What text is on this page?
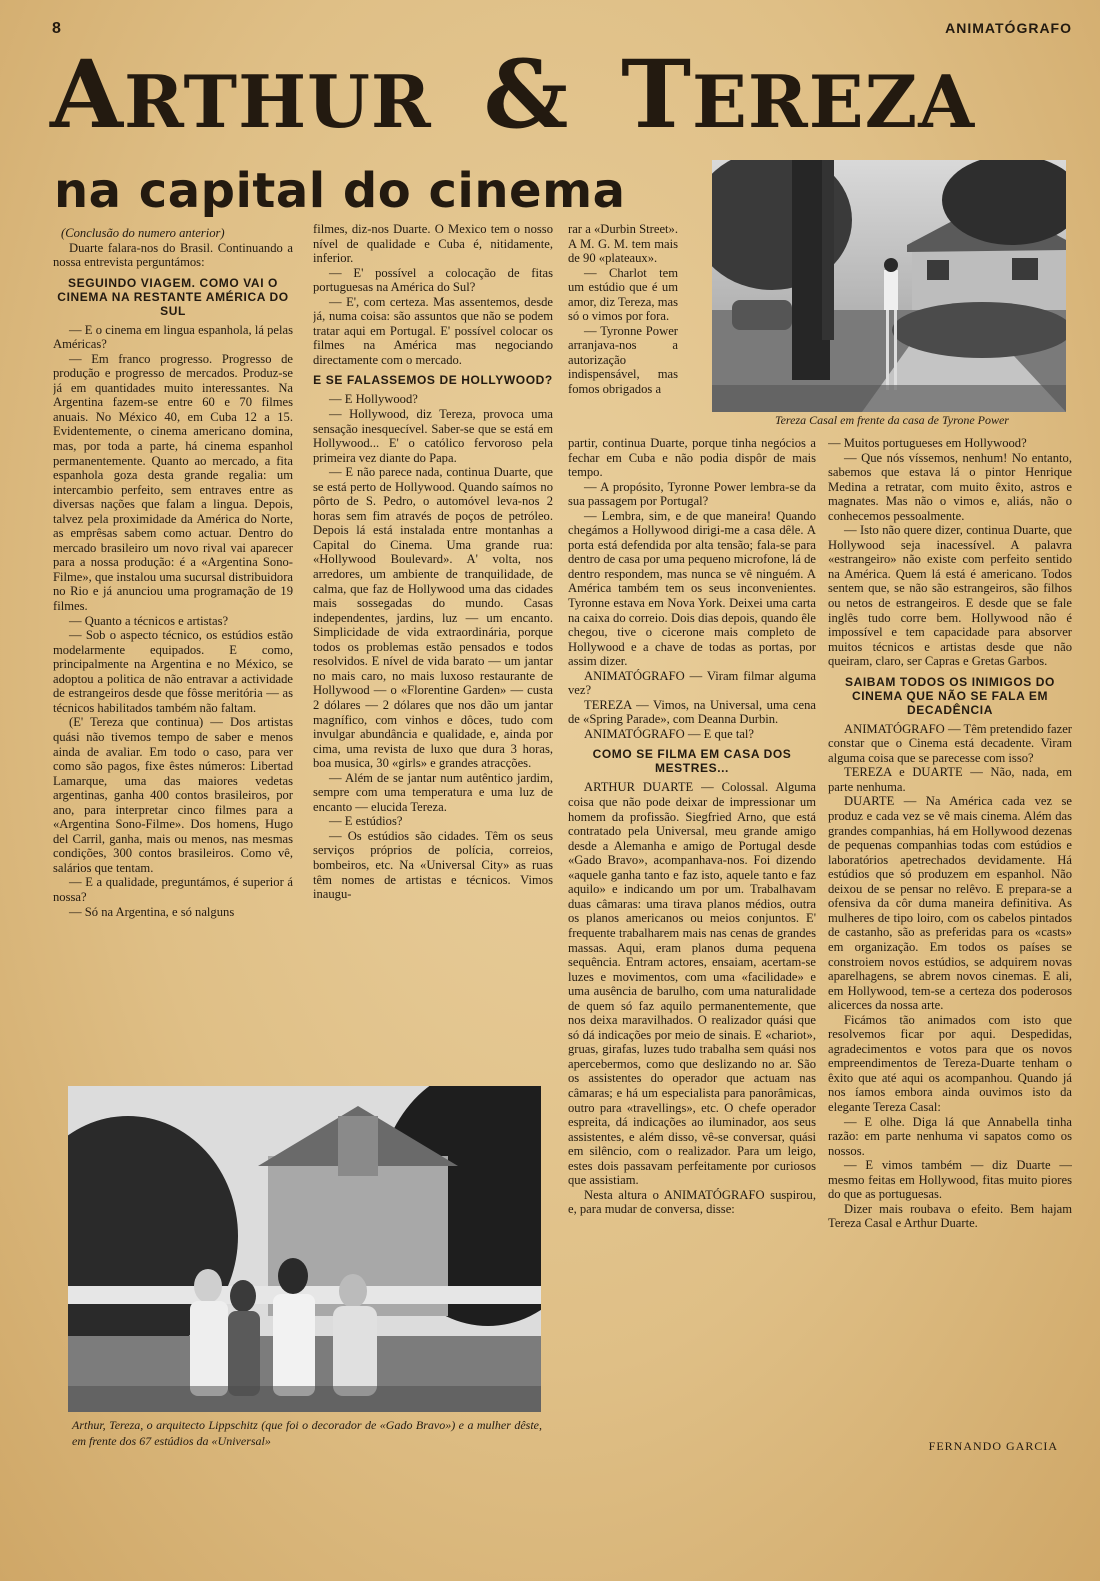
8	ANIMATÓGRAFO
ARTHUR & TEREZA
na capital do cinema

(Conclusão do numero anterior)

Duarte falara-nos do Brasil. Continuando a nossa entrevista perguntámos:

SEGUINDO VIAGEM. COMO VAI O CINEMA NA RESTANTE AMÉRICA DO SUL

— E o cinema em lingua espanhola, lá pelas Américas?

— Em franco progresso. Progresso de produção e progresso de mercados. Produz-se já em quantidades muito interessantes. Na Argentina fazem-se entre 60 e 70 filmes anuais. No México 40, em Cuba 12 a 15. Evidentemente, o cinema americano domina, mas, por toda a parte, há cinema espanhol permanentemente. Quanto ao mercado, a fita espanhola goza desta grande regalia: um intercambio perfeito, sem entraves entre as diversas nações que falam a lingua. Depois, talvez pela proximidade da América do Norte, as emprêsas sabem como actuar. Dentro do mercado brasileiro um novo rival vai aparecer para a nossa produção: é a «Argentina Sono-Filme», que instalou uma sucursal distribuidora no Rio e já anunciou uma programação de 19 filmes.

— Quanto a técnicos e artistas?

— Sob o aspecto técnico, os estúdios estão modelarmente equipados. E como, principalmente na Argentina e no México, se adoptou a politica de não entravar a actividade de estrangeiros desde que fôsse meritória — as técnicos habilitados também não faltam.

(E' Tereza que continua) — Dos artistas quási não tivemos tempo de saber e menos ainda de avaliar. Em todo o caso, para ver como são pagos, fixe êstes números: Libertad Lamarque, uma das maiores vedetas argentinas, ganha 400 contos brasileiros, por ano, para interpretar cinco filmes para a «Argentina Sono-Filme». Dos homens, Hugo del Carril, ganha, mais ou menos, nas mesmas condições, 300 contos brasileiros. Como vê, salários que tentam.

— E a qualidade, preguntámos, é superior á nossa?

— Só na Argentina, e só nalguns

filmes, diz-nos Duarte. O Mexico tem o nosso nível de qualidade e Cuba é, nitidamente, inferior.

— E' possível a colocação de fitas portuguesas na América do Sul?

— E', com certeza. Mas assentemos, desde já, numa coisa: são assuntos que não se podem tratar aqui em Portugal. E' possível colocar os filmes na América mas negociando directamente com o mercado.

E SE FALASSEMOS DE HOLLYWOOD?

— E Hollywood?

— Hollywood, diz Tereza, provoca uma sensação inesquecível. Saber-se que se está em Hollywood... E' o católico fervoroso pela primeira vez diante do Papa.

— E não parece nada, continua Duarte, que se está perto de Hollywood. Quando saímos no pôrto de S. Pedro, o automóvel leva-nos 2 horas sem fim através de poços de petróleo. Depois lá está instalada entre montanhas a Capital do Cinema. Uma grande rua: «Hollywood Boulevard». A' volta, nos arredores, um ambiente de tranquilidade, de calma, que faz de Hollywood uma das cidades mais sossegadas do mundo. Casas independentes, jardins, luz — um encanto. Simplicidade de vida extraordinária, porque todos os problemas estão pensados e todos resolvidos. E nível de vida barato — um jantar no mais caro, no mais luxoso restaurante de Hollywood — o «Florentine Garden» — custa 2 dólares — 2 dólares que nos dão um jantar magnífico, com vinhos e dôces, tudo com invulgar abundância e qualidade, e, ainda por cima, uma revista de luxo que dura 3 horas, boa musica, 30 «girls» e grandes atracções.

— Além de se jantar num autêntico jardim, sempre com uma temperatura e uma luz de encanto — elucida Tereza.

— E estúdios?

— Os estúdios são cidades. Têm os seus serviços próprios de polícia, correios, bombeiros, etc. Na «Universal City» as ruas têm nomes de artistas e técnicos. Vimos inaugu-

rar a «Durbin Street». A M. G. M. tem mais de 90 «plateaux».

— Charlot tem um estúdio que é um amor, diz Tereza, mas só o vimos por fora.

— Tyronne Power arranjava-nos a autorização indispensável, mas fomos obrigados a

partir, continua Duarte, porque tinha negócios a fechar em Cuba e não podia dispôr de mais tempo.

— A propósito, Tyronne Power lembra-se da sua passagem por Portugal?

— Lembra, sim, e de que maneira! Quando chegámos a Hollywood dirigi-me a casa dêle. A porta está defendida por alta tensão; fala-se para dentro de casa por uma pequeno microfone, lá de dentro respondem, mas nunca se vê ninguém. A América também tem os seus inconvenientes. Tyronne estava em Nova York. Deixei uma carta na caixa do correio. Dois dias depois, quando êle chegou, tive o cicerone mais completo de Hollywood e a chave de todas as portas, por assim dizer.

ANIMATÓGRAFO — Viram filmar alguma vez?

TEREZA — Vimos, na Universal, uma cena de «Spring Parade», com Deanna Durbin.

ANIMATÓGRAFO — E que tal?

COMO SE FILMA EM CASA DOS MESTRES...

ARTHUR DUARTE — Colossal. Alguma coisa que não pode deixar de impressionar um homem da profissão. Siegfried Arno, que está contratado pela Universal, meu grande amigo desde a Alemanha e amigo de Portugal desde «Gado Bravo», acompanhava-nos. Foi dizendo «aquele ganha tanto e faz isto, aquele tanto e faz aquilo» e indicando um por um. Trabalhavam duas câmaras: uma tirava planos médios, outra os planos americanos ou meios conjuntos. E' frequente trabalharem mais nas cenas de grandes massas. Aqui, eram planos duma pequena sequência. Entram actores, ensaiam, acertam-se luzes e movimentos, com uma «facilidade» e uma ausência de barulho, com uma naturalidade de quem só faz aquilo permanentemente, que nos deixa maravilhados. O realizador quási que só dá indicações por meio de sinais. E «chariot», gruas, girafas, luzes tudo trabalha sem quási nos apercebermos, como que deslizando no ar. São os assistentes do operador que actuam nas câmaras; e há um especialista para panorâmicas, outro para «travellings», etc. O chefe operador espreita, dá indicações ao iluminador, aos seus assistentes, e além disso, vê-se conversar, quási em silêncio, com o realizador. Para um leigo, estes dois passavam perfeitamente por curiosos que assistiam.

Nesta altura o ANIMATÓGRAFO suspirou, e, para mudar de conversa, disse:

— Muitos portugueses em Hollywood?

— Que nós víssemos, nenhum! No entanto, sabemos que estava lá o pintor Henrique Medina a retratar, com muito êxito, astros e magnates. Mas não o vimos e, aliás, não o conhecemos pessoalmente.

— Isto não quere dizer, continua Duarte, que Hollywood seja inacessível. A palavra «estrangeiro» não existe com perfeito sentido na América. Quem lá está é americano. Todos sentem que, se não são estrangeiros, são filhos ou netos de estrangeiros. E desde que se fale inglês tudo corre bem. Hollywood não é impossível e tem capacidade para absorver muitos técnicos e artistas desde que não queiram, claro, ser Capras e Gretas Garbos.

SAIBAM TODOS OS INIMIGOS DO CINEMA QUE NÃO SE FALA EM DECADÊNCIA

ANIMATÓGRAFO — Têm pretendido fazer constar que o Cinema está decadente. Viram alguma coisa que se parecesse com isso?

TEREZA e DUARTE — Não, nada, em parte nenhuma.

DUARTE — Na América cada vez se produz e cada vez se vê mais cinema. Além das grandes companhias, há em Hollywood dezenas de pequenas companhias todas com estúdios e laboratórios apetrechados devidamente. Há estúdios que só produzem em espanhol. Não deixou de se pensar no relêvo. E prepara-se a ofensiva da côr duma maneira definitiva. As mulheres de tipo loiro, com os cabelos pintados de castanho, são as preferidas para os «casts» em organização. Em todos os países se constroiem novos estúdios, se adquirem novas aparelhagens, se abrem novos cinemas. E ali, em Hollywood, tem-se a certeza dos poderosos alicerces da nossa arte.

Ficámos tão animados com isto que resolvemos ficar por aqui. Despedidas, agradecimentos e votos para que os novos empreendimentos de Tereza-Duarte tenham o êxito que até aqui os acompanhou. Quando já nos íamos embora ainda ouvimos isto da elegante Tereza Casal:

— E olhe. Diga lá que Annabella tinha razão: em parte nenhuma vi sapatos como os nossos.

— E vimos também — diz Duarte — mesmo feitas em Hollywood, fitas muito piores do que as portuguesas.

Dizer mais roubava o efeito. Bem hajam Tereza Casal e Arthur Duarte.

FERNANDO GARCIA
Tereza Casal em frente da casa de Tyrone Power
Arthur, Tereza, o arquitecto Lippschitz (que foi o decorador de «Gado Bravo») e a mulher dêste, em frente dos 67 estúdios da «Universal»
